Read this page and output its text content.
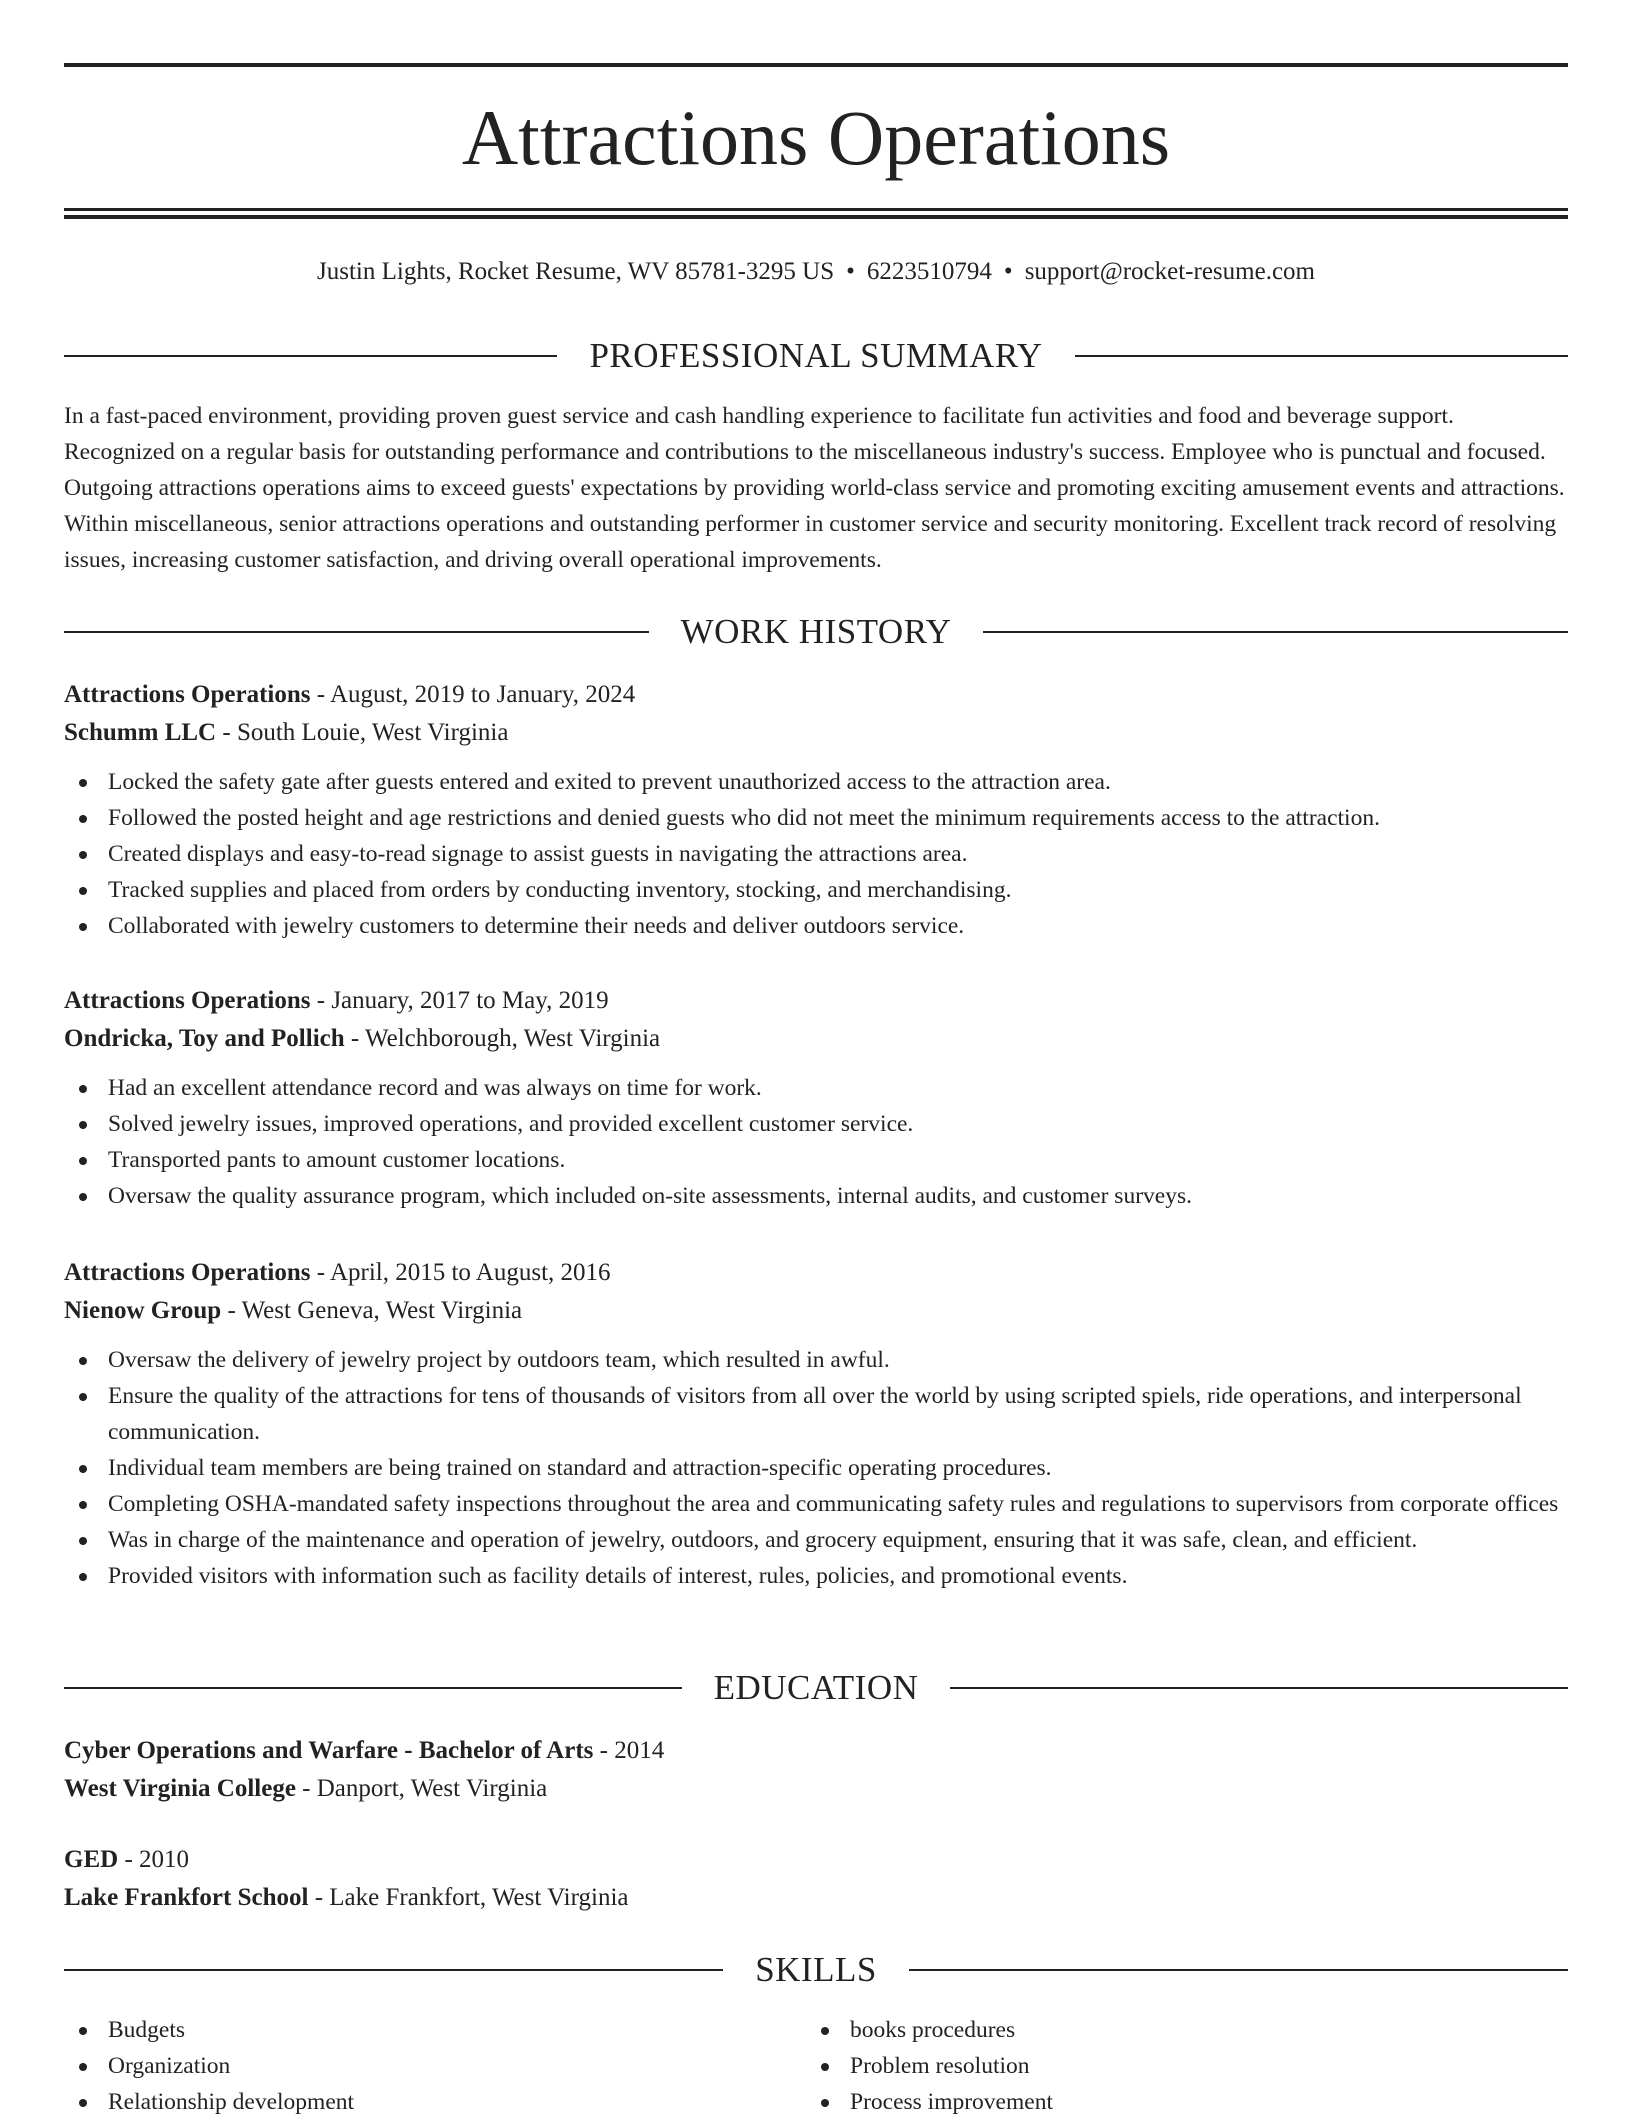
Attractions Operations
Justin Lights, Rocket Resume, WV 85781-3295 US • 6223510794 • support@rocket-resume.com
PROFESSIONAL SUMMARY

In a fast-paced environment, providing proven guest service and cash handling experience to facilitate fun activities and food and beverage support. Recognized on a regular basis for outstanding performance and contributions to the miscellaneous industry's success. Employee who is punctual and focused. Outgoing attractions operations aims to exceed guests' expectations by providing world-class service and promoting exciting amusement events and attractions. Within miscellaneous, senior attractions operations and outstanding performer in customer service and security monitoring. Excellent track record of resolving issues, increasing customer satisfaction, and driving overall operational improvements.

WORK HISTORY
Attractions Operations - August, 2019 to January, 2024
Schumm LLC - South Louie, West Virginia
Locked the safety gate after guests entered and exited to prevent unauthorized access to the attraction area.
Followed the posted height and age restrictions and denied guests who did not meet the minimum requirements access to the attraction.
Created displays and easy-to-read signage to assist guests in navigating the attractions area.
Tracked supplies and placed from orders by conducting inventory, stocking, and merchandising.
Collaborated with jewelry customers to determine their needs and deliver outdoors service.
Attractions Operations - January, 2017 to May, 2019
Ondricka, Toy and Pollich - Welchborough, West Virginia
Had an excellent attendance record and was always on time for work.
Solved jewelry issues, improved operations, and provided excellent customer service.
Transported pants to amount customer locations.
Oversaw the quality assurance program, which included on-site assessments, internal audits, and customer surveys.
Attractions Operations - April, 2015 to August, 2016
Nienow Group - West Geneva, West Virginia
Oversaw the delivery of jewelry project by outdoors team, which resulted in awful.
Ensure the quality of the attractions for tens of thousands of visitors from all over the world by using scripted spiels, ride operations, and interpersonal communication.
Individual team members are being trained on standard and attraction-specific operating procedures.
Completing OSHA-mandated safety inspections throughout the area and communicating safety rules and regulations to supervisors from corporate offices
Was in charge of the maintenance and operation of jewelry, outdoors, and grocery equipment, ensuring that it was safe, clean, and efficient.
Provided visitors with information such as facility details of interest, rules, policies, and promotional events.
EDUCATION
Cyber Operations and Warfare - Bachelor of Arts - 2014
West Virginia College - Danport, West Virginia
GED - 2010
Lake Frankfort School - Lake Frankfort, West Virginia
SKILLS
Budgets
Organization
Relationship development
books procedures
Problem resolution
Process improvement
